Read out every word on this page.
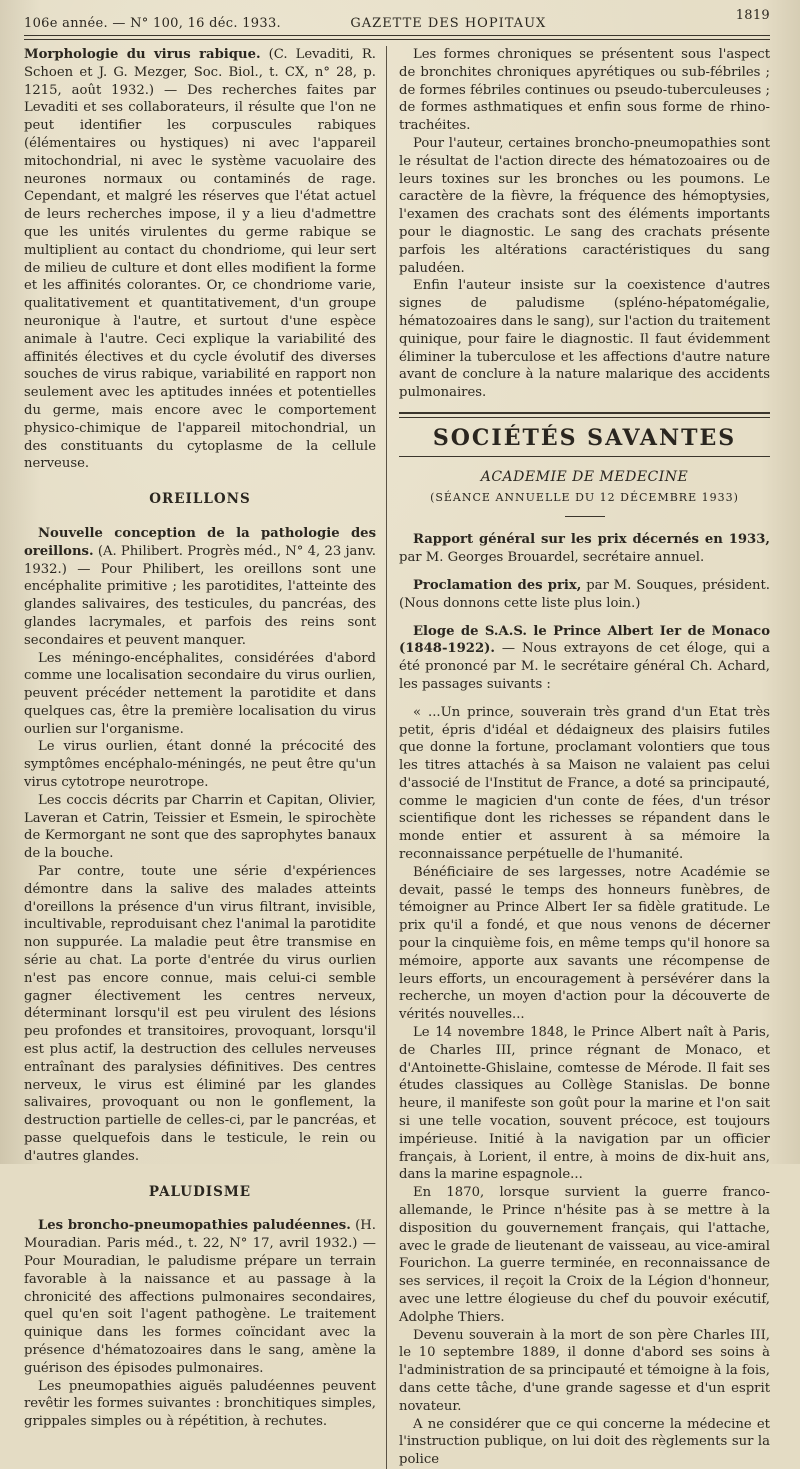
106e année. — N° 100, 16 déc. 1933.	GAZETTE DES HOPITAUX
1819

Morphologie du virus rabique. (C. Levaditi, R. Schoen et J. G. Mezger, Soc. Biol., t. CX, n° 28, p. 1215, août 1932.) — Des recherches faites par Levaditi et ses collaborateurs, il résulte que l'on ne peut identifier les corpuscules rabiques (élémentaires ou hystiques) ni avec l'appareil mitochondrial, ni avec le système vacuolaire des neurones normaux ou contaminés de rage. Cependant, et malgré les réserves que l'état actuel de leurs recherches impose, il y a lieu d'admettre que les unités virulentes du germe rabique se multiplient au contact du chondriome, qui leur sert de milieu de culture et dont elles modifient la forme et les affinités colorantes. Or, ce chondriome varie, qualitativement et quantitativement, d'un groupe neuronique à l'autre, et surtout d'une espèce animale à l'autre. Ceci explique la variabilité des affinités électives et du cycle évolutif des diverses souches de virus rabique, variabilité en rapport non seulement avec les aptitudes innées et potentielles du germe, mais encore avec le comportement physico-chimique de l'appareil mitochondrial, un des constituants du cytoplasme de la cellule nerveuse.

OREILLONS

Nouvelle conception de la pathologie des oreillons. (A. Philibert. Progrès méd., N° 4, 23 janv. 1932.) — Pour Philibert, les oreillons sont une encéphalite primitive ; les parotidites, l'atteinte des glandes salivaires, des testicules, du pancréas, des glandes lacrymales, et parfois des reins sont secondaires et peuvent manquer.

Les méningo-encéphalites, considérées d'abord comme une localisation secondaire du virus ourlien, peuvent précéder nettement la parotidite et dans quelques cas, être la première localisation du virus ourlien sur l'organisme.

Le virus ourlien, étant donné la précocité des symptômes encéphalo-méningés, ne peut être qu'un virus cytotrope neurotrope.

Les coccis décrits par Charrin et Capitan, Olivier, Laveran et Catrin, Teissier et Esmein, le spirochète de Kermorgant ne sont que des saprophytes banaux de la bouche.

Par contre, toute une série d'expériences démontre dans la salive des malades atteints d'oreillons la présence d'un virus filtrant, invisible, incultivable, reproduisant chez l'animal la parotidite non suppurée. La maladie peut être transmise en série au chat. La porte d'entrée du virus ourlien n'est pas encore connue, mais celui-ci semble gagner électivement les centres nerveux, déterminant lorsqu'il est peu virulent des lésions peu profondes et transitoires, provoquant, lorsqu'il est plus actif, la destruction des cellules nerveuses entraînant des paralysies définitives. Des centres nerveux, le virus est éliminé par les glandes salivaires, provoquant ou non le gonflement, la destruction partielle de celles-ci, par le pancréas, et passe quelquefois dans le testicule, le rein ou d'autres glandes.

PALUDISME

Les broncho-pneumopathies paludéennes. (H. Mouradian. Paris méd., t. 22, N° 17, avril 1932.) — Pour Mouradian, le paludisme prépare un terrain favorable à la naissance et au passage à la chronicité des affections pulmonaires secondaires, quel qu'en soit l'agent pathogène. Le traitement quinique dans les formes coïncidant avec la présence d'hématozoaires dans le sang, amène la guérison des épisodes pulmonaires.

Les pneumopathies aiguës paludéennes peuvent revêtir les formes suivantes : bronchitiques simples, grippales simples ou à répétition, à rechutes.

Les formes chroniques se présentent sous l'aspect de bronchites chroniques apyrétiques ou sub-fébriles ; de formes fébriles continues ou pseudo-tuberculeuses ; de formes asthmatiques et enfin sous forme de rhino-trachéites.

Pour l'auteur, certaines broncho-pneumopathies sont le résultat de l'action directe des hématozoaires ou de leurs toxines sur les bronches ou les poumons. Le caractère de la fièvre, la fréquence des hémoptysies, l'examen des crachats sont des éléments importants pour le diagnostic. Le sang des crachats présente parfois les altérations caractéristiques du sang paludéen.

Enfin l'auteur insiste sur la coexistence d'autres signes de paludisme (spléno-hépatomégalie, hématozoaires dans le sang), sur l'action du traitement quinique, pour faire le diagnostic. Il faut évidemment éliminer la tuberculose et les affections d'autre nature avant de conclure à la nature malarique des accidents pulmonaires.

SOCIÉTÉS SAVANTES
ACADEMIE DE MEDECINE
(SÉANCE ANNUELLE DU 12 DÉCEMBRE 1933)

Rapport général sur les prix décernés en 1933, par M. Georges Brouardel, secrétaire annuel.

Proclamation des prix, par M. Souques, président. (Nous donnons cette liste plus loin.)

Eloge de S.A.S. le Prince Albert Ier de Monaco (1848-1922). — Nous extrayons de cet éloge, qui a été prononcé par M. le secrétaire général Ch. Achard, les passages suivants :

« ...Un prince, souverain très grand d'un Etat très petit, épris d'idéal et dédaigneux des plaisirs futiles que donne la fortune, proclamant volontiers que tous les titres attachés à sa Maison ne valaient pas celui d'associé de l'Institut de France, a doté sa principauté, comme le magicien d'un conte de fées, d'un trésor scientifique dont les richesses se répandent dans le monde entier et assurent à sa mémoire la reconnaissance perpétuelle de l'humanité.

Bénéficiaire de ses largesses, notre Académie se devait, passé le temps des honneurs funèbres, de témoigner au Prince Albert Ier sa fidèle gratitude. Le prix qu'il a fondé, et que nous venons de décerner pour la cinquième fois, en même temps qu'il honore sa mémoire, apporte aux savants une récompense de leurs efforts, un encouragement à persévérer dans la recherche, un moyen d'action pour la découverte de vérités nouvelles...

Le 14 novembre 1848, le Prince Albert naît à Paris, de Charles III, prince régnant de Monaco, et d'Antoinette-Ghislaine, comtesse de Mérode. Il fait ses études classiques au Collège Stanislas. De bonne heure, il manifeste son goût pour la marine et l'on sait si une telle vocation, souvent précoce, est toujours impérieuse. Initié à la navigation par un officier français, à Lorient, il entre, à moins de dix-huit ans, dans la marine espagnole...

En 1870, lorsque survient la guerre franco-allemande, le Prince n'hésite pas à se mettre à la disposition du gouvernement français, qui l'attache, avec le grade de lieutenant de vaisseau, au vice-amiral Fourichon. La guerre terminée, en reconnaissance de ses services, il reçoit la Croix de la Légion d'honneur, avec une lettre élogieuse du chef du pouvoir exécutif, Adolphe Thiers.

Devenu souverain à la mort de son père Charles III, le 10 septembre 1889, il donne d'abord ses soins à l'administration de sa principauté et témoigne à la fois, dans cette tâche, d'une grande sagesse et d'un esprit novateur.

A ne considérer que ce qui concerne la médecine et l'instruction publique, on lui doit des règlements sur la police
